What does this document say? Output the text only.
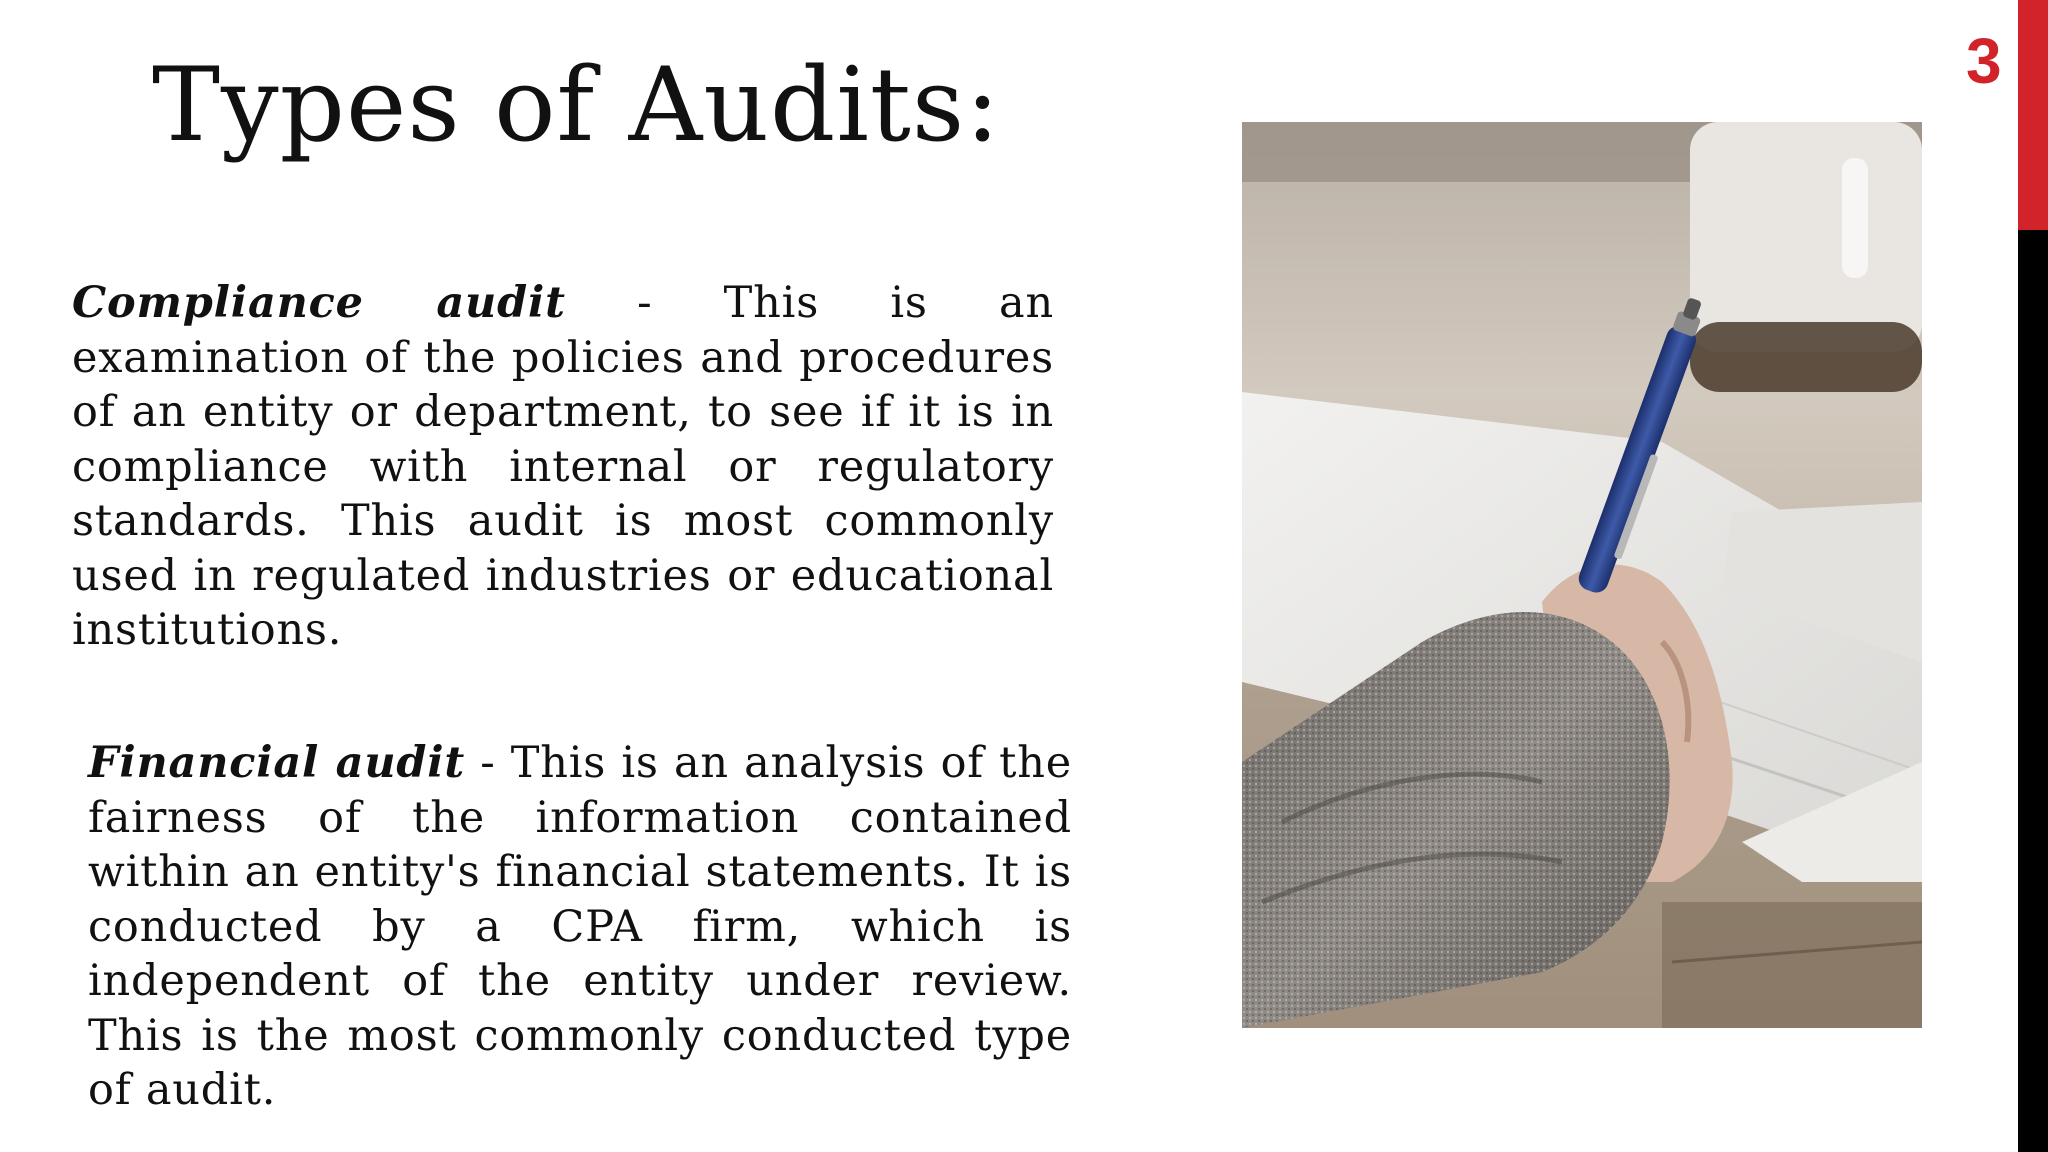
Types of Audits:	3

Compliance audit - This is an examination of the policies and procedures of an entity or department, to see if it is in compliance with internal or regulatory standards. This audit is most commonly used in regulated industries or educational institutions.

Financial audit - This is an analysis of the fairness of the information contained within an entity's financial statements. It is conducted by a CPA firm, which is independent of the entity under review. This is the most commonly conducted type of audit.
